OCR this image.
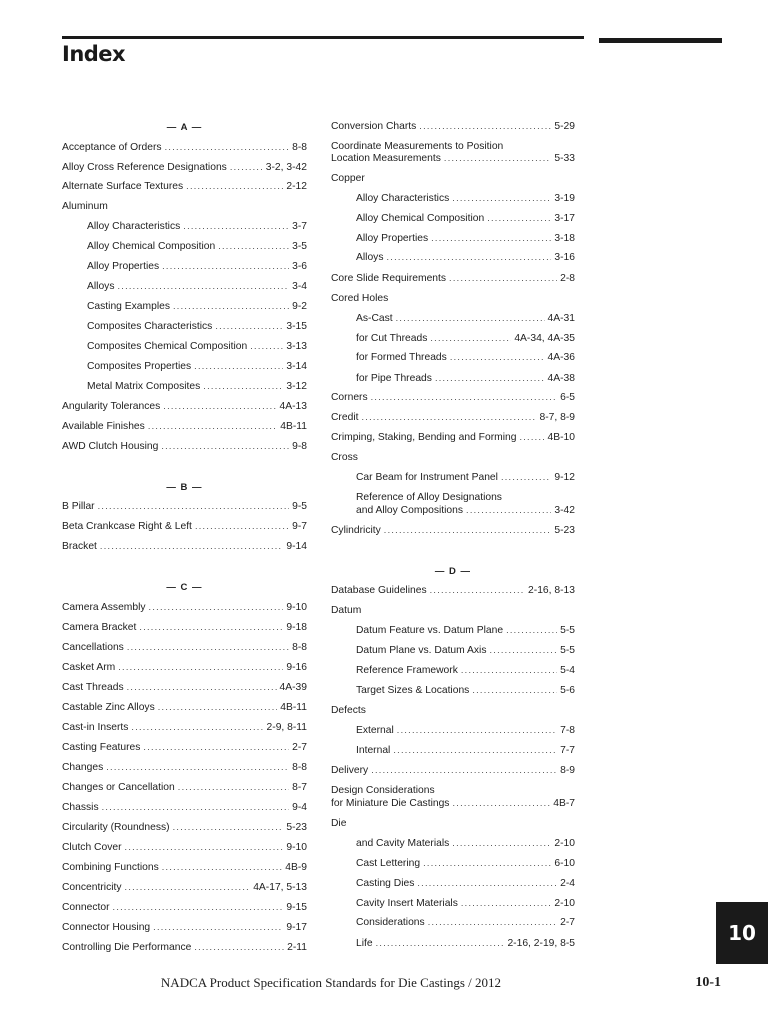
Index
— A —
Acceptance of Orders .....	8-8
Alloy Cross Reference Designations .....	3-2, 3-42
Alternate Surface Textures .....	2-12
Aluminum
Alloy Characteristics .....	3-7
Alloy Chemical Composition .....	3-5
Alloy Properties .....	3-6
Alloys .....	3-4
Casting Examples .....	9-2
Composites Characteristics .....	3-15
Composites Chemical Composition .....	3-13
Composites Properties .....	3-14
Metal Matrix Composites .....	3-12
Angularity Tolerances .....	4A-13
Available Finishes .....	4B-11
AWD Clutch Housing .....	9-8
— B —
B Pillar .....	9-5
Beta Crankcase Right & Left .....	9-7
Bracket .....	9-14
— C —
Camera Assembly .....	9-10
Camera Bracket .....	9-18
Cancellations .....	8-8
Casket Arm .....	9-16
Cast Threads .....	4A-39
Castable Zinc Alloys .....	4B-11
Cast-in Inserts .....	2-9, 8-11
Casting Features .....	2-7
Changes .....	8-8
Changes or Cancellation .....	8-7
Chassis .....	9-4
Circularity (Roundness) .....	5-23
Clutch Cover .....	9-10
Combining Functions .....	4B-9
Concentricity .....	4A-17, 5-13
Connector .....	9-15
Connector Housing .....	9-17
Controlling Die Performance .....	2-11
Conversion Charts .....	5-29
Coordinate Measurements to Position
Location Measurements .....	5-33
Copper
Alloy Characteristics .....	3-19
Alloy Chemical Composition .....	3-17
Alloy Properties .....	3-18
Alloys .....	3-16
Core Slide Requirements .....	2-8
Cored Holes
As-Cast .....	4A-31
for Cut Threads .....	4A-34, 4A-35
for Formed Threads .....	4A-36
for Pipe Threads .....	4A-38
Corners .....	6-5
Credit .....	8-7, 8-9
Crimping, Staking, Bending and Forming .....	4B-10
Cross
Car Beam for Instrument Panel .....	9-12
Reference of Alloy Designations
and Alloy Compositions .....	3-42
Cylindricity .....	5-23
— D —
Database Guidelines .....	2-16, 8-13
Datum
Datum Feature vs. Datum Plane .....	5-5
Datum Plane vs. Datum Axis .....	5-5
Reference Framework .....	5-4
Target Sizes & Locations .....	5-6
Defects
External .....	7-8
Internal .....	7-7
Delivery .....	8-9
Design Considerations
for Miniature Die Castings .....	4B-7
Die
and Cavity Materials .....	2-10
Cast Lettering .....	6-10
Casting Dies .....	2-4
Cavity Insert Materials .....	2-10
Considerations .....	2-7
Life .....	2-16, 2-19, 8-5
NADCA Product Specification Standards for Die Castings / 2012	10-1
10
